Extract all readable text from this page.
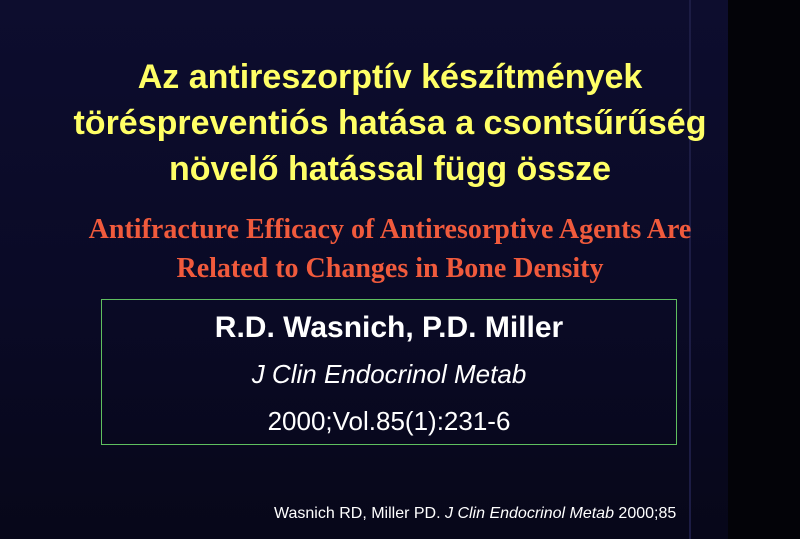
Az antireszorptív készítmények
töréspreventiós hatása a csontsűrűség
növelő hatással függ össze
Antifracture Efficacy of Antiresorptive Agents Are
Related to Changes in Bone Density
R.D. Wasnich, P.D. Miller
J Clin Endocrinol Metab
2000;Vol.85(1):231-6
Wasnich RD, Miller PD. J Clin Endocrinol Metab 2000;85
